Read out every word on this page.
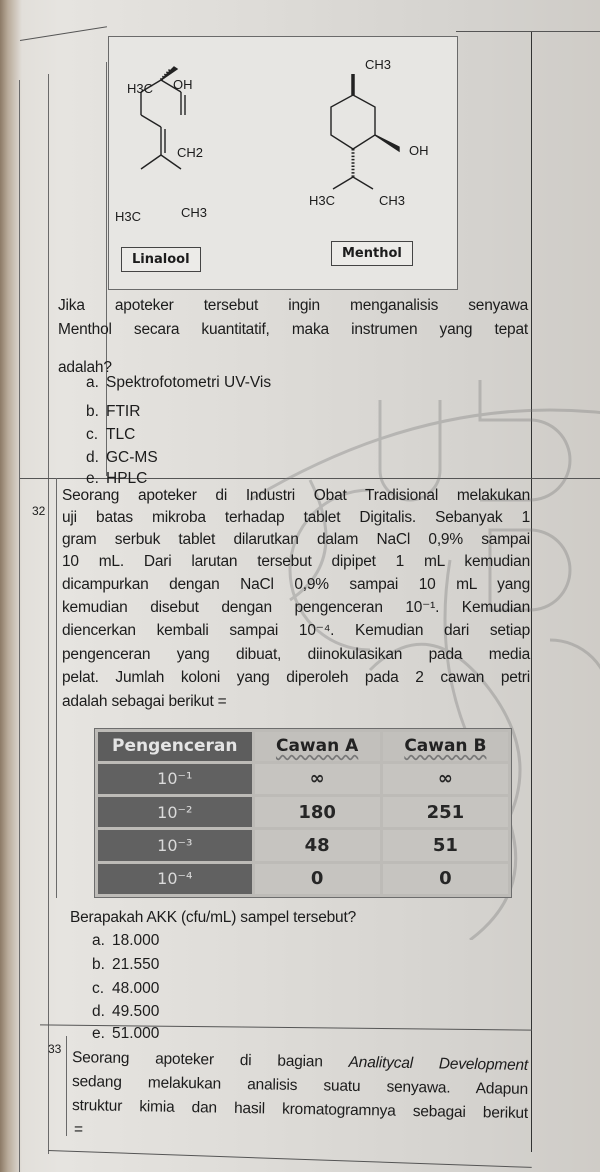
H3C OH
CH2
H3C	CH3
CH3
OH
H3C	CH3
Linalool	Menthol
Jika apoteker tersebut ingin menganalisis senyawa
Menthol secara kuantitatif, maka instrumen yang tepat
adalah?
a. Spektrofotometri UV-Vis
b. FTIR
c. TLC
d. GC-MS
e. HPLC
32
Seorang apoteker di Industri Obat Tradisional melakukan
uji batas mikroba terhadap tablet Digitalis. Sebanyak 1
gram serbuk tablet dilarutkan dalam NaCl 0,9% sampai
10 mL. Dari larutan tersebut dipipet 1 mL kemudian
dicampurkan dengan NaCl 0,9% sampai 10 mL yang
kemudian disebut dengan pengenceran 10⁻¹. Kemudian
diencerkan kembali sampai 10⁻⁴. Kemudian dari setiap
pengenceran yang dibuat, diinokulasikan pada media
pelat. Jumlah koloni yang diperoleh pada 2 cawan petri
adalah sebagai berikut =
Pengenceran	Cawan A	Cawan B
10⁻¹	∞	∞
10⁻²	180	251
10⁻³	48	51
10⁻⁴	0	0
Berapakah AKK (cfu/mL) sampel tersebut?
a. 18.000
b. 21.550
c. 48.000
d. 49.500
e. 51.000
33
Seorang apoteker di bagian Analitycal Development
sedang melakukan analisis suatu senyawa. Adapun
struktur kimia dan hasil kromatogramnya sebagai berikut
=
